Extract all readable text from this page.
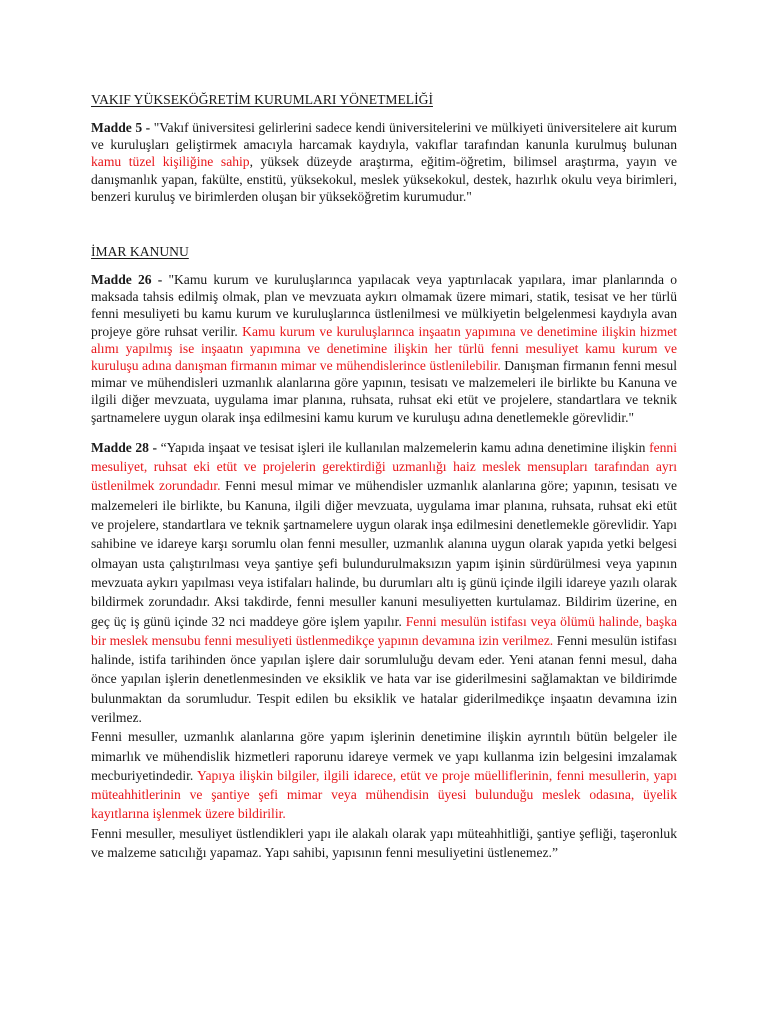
VAKIF YÜKSEKÖĞRETİM KURUMLARI YÖNETMELİĞİ

Madde 5 - "Vakıf üniversitesi gelirlerini sadece kendi üniversitelerini ve mülkiyeti üniversitelere ait kurum ve kuruluşları geliştirmek amacıyla harcamak kaydıyla, vakıflar tarafından kanunla kurulmuş bulunan kamu tüzel kişiliğine sahip, yüksek düzeyde araştırma, eğitim-öğretim, bilimsel araştırma, yayın ve danışmanlık yapan, fakülte, enstitü, yüksekokul, meslek yüksekokul, destek, hazırlık okulu veya birimleri, benzeri kuruluş ve birimlerden oluşan bir yükseköğretim kurumudur."

İMAR KANUNU

Madde 26 - "Kamu kurum ve kuruluşlarınca yapılacak veya yaptırılacak yapılara, imar planlarında o maksada tahsis edilmiş olmak, plan ve mevzuata aykırı olmamak üzere mimari, statik, tesisat ve her türlü fenni mesuliyeti bu kamu kurum ve kuruluşlarınca üstlenilmesi ve mülkiyetin belgelenmesi kaydıyla avan projeye göre ruhsat verilir. Kamu kurum ve kuruluşlarınca inşaatın yapımına ve denetimine ilişkin hizmet alımı yapılmış ise inşaatın yapımına ve denetimine ilişkin her türlü fenni mesuliyet kamu kurum ve kuruluşu adına danışman firmanın mimar ve mühendislerince üstlenilebilir. Danışman firmanın fenni mesul mimar ve mühendisleri uzmanlık alanlarına göre yapının, tesisatı ve malzemeleri ile birlikte bu Kanuna ve ilgili diğer mevzuata, uygulama imar planına, ruhsata, ruhsat eki etüt ve projelere, standartlara ve teknik şartnamelere uygun olarak inşa edilmesini kamu kurum ve kuruluşu adına denetlemekle görevlidir."

Madde 28 - “Yapıda inşaat ve tesisat işleri ile kullanılan malzemelerin kamu adına denetimine ilişkin fenni mesuliyet, ruhsat eki etüt ve projelerin gerektirdiği uzmanlığı haiz meslek mensupları tarafından ayrı üstlenilmek zorundadır. Fenni mesul mimar ve mühendisler uzmanlık alanlarına göre; yapının, tesisatı ve malzemeleri ile birlikte, bu Kanuna, ilgili diğer mevzuata, uygulama imar planına, ruhsata, ruhsat eki etüt ve projelere, standartlara ve teknik şartnamelere uygun olarak inşa edilmesini denetlemekle görevlidir. Yapı sahibine ve idareye karşı sorumlu olan fenni mesuller, uzmanlık alanına uygun olarak yapıda yetki belgesi olmayan usta çalıştırılması veya şantiye şefi bulundurulmaksızın yapım işinin sürdürülmesi veya yapının mevzuata aykırı yapılması veya istifaları halinde, bu durumları altı iş günü içinde ilgili idareye yazılı olarak bildirmek zorundadır. Aksi takdirde, fenni mesuller kanuni mesuliyetten kurtulamaz. Bildirim üzerine, en geç üç iş günü içinde 32 nci maddeye göre işlem yapılır. Fenni mesulün istifası veya ölümü halinde, başka bir meslek mensubu fenni mesuliyeti üstlenmedikçe yapının devamına izin verilmez. Fenni mesulün istifası halinde, istifa tarihinden önce yapılan işlere dair sorumluluğu devam eder. Yeni atanan fenni mesul, daha önce yapılan işlerin denetlenmesinden ve eksiklik ve hata var ise giderilmesini sağlamaktan ve bildirimde bulunmaktan da sorumludur. Tespit edilen bu eksiklik ve hatalar giderilmedikçe inşaatın devamına izin verilmez.

Fenni mesuller, uzmanlık alanlarına göre yapım işlerinin denetimine ilişkin ayrıntılı bütün belgeler ile mimarlık ve mühendislik hizmetleri raporunu idareye vermek ve yapı kullanma izin belgesini imzalamak mecburiyetindedir. Yapıya ilişkin bilgiler, ilgili idarece, etüt ve proje müelliflerinin, fenni mesullerin, yapı müteahhitlerinin ve şantiye şefi mimar veya mühendisin üyesi bulunduğu meslek odasına, üyelik kayıtlarına işlenmek üzere bildirilir.

Fenni mesuller, mesuliyet üstlendikleri yapı ile alakalı olarak yapı müteahhitliği, şantiye şefliği, taşeronluk ve malzeme satıcılığı yapamaz. Yapı sahibi, yapısının fenni mesuliyetini üstlenemez.”
